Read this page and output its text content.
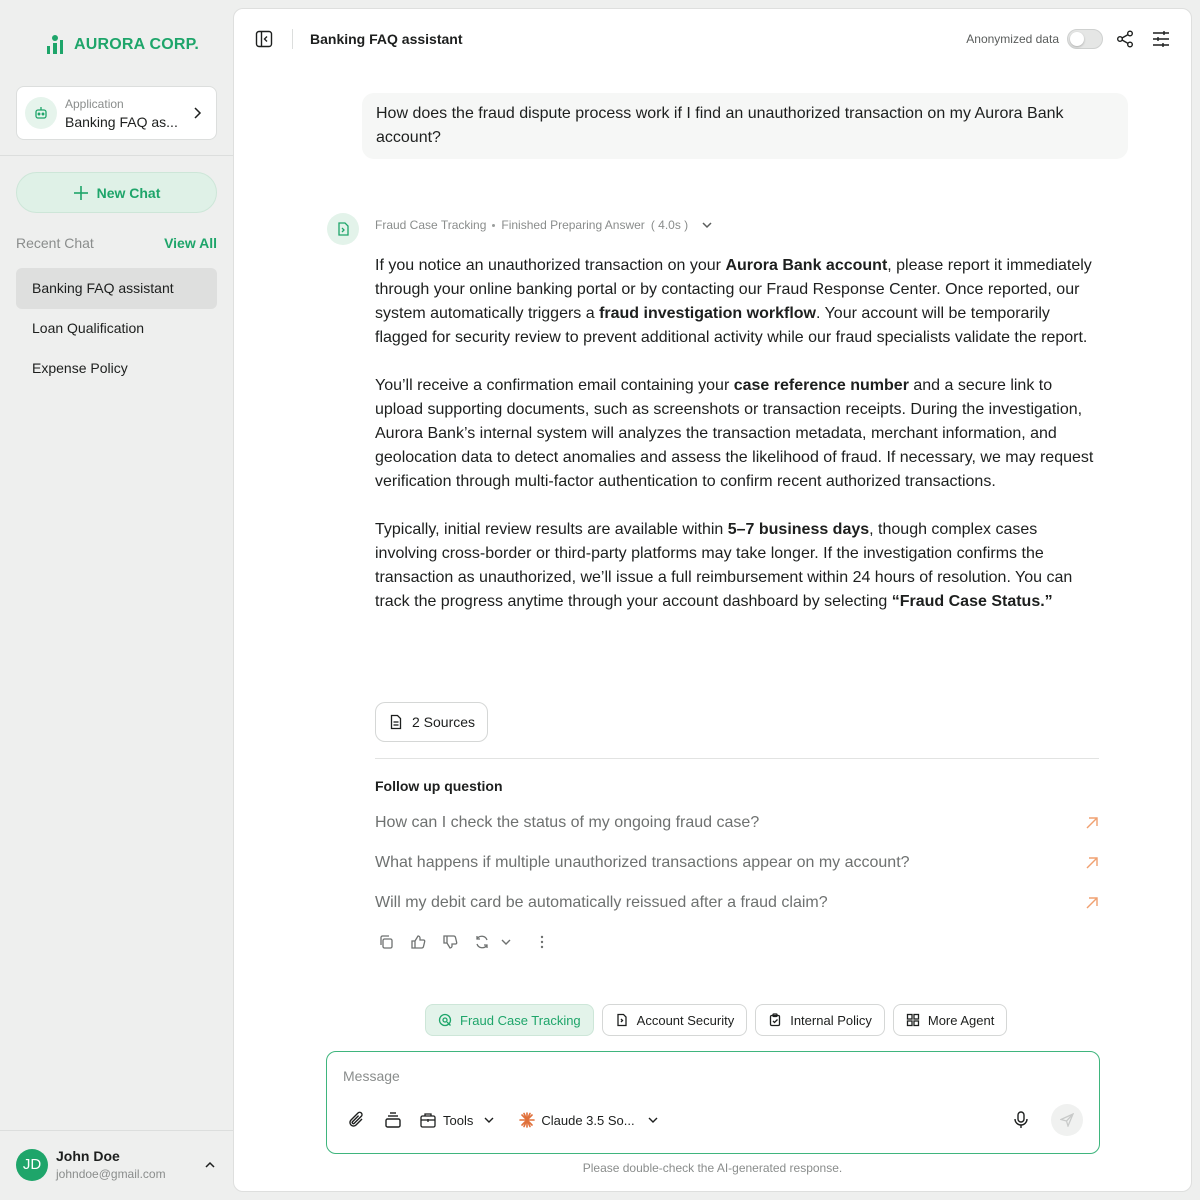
AURORA CORP.
Application
Banking FAQ as...
New Chat
Recent Chat	View All
Banking FAQ assistant
Loan Qualification
Expense Policy
JD	John Doe
johndoe@gmail.com
Banking FAQ assistant	Anonymized data
How does the fraud dispute process work if I find an unauthorized transaction on my Aurora Bank account?
Fraud Case Tracking Finished Preparing Answer ( 4.0s )

If you notice an unauthorized transaction on your Aurora Bank account, please report it immediately through your online banking portal or by contacting our Fraud Response Center. Once reported, our system automatically triggers a fraud investigation workflow. Your account will be temporarily flagged for security review to prevent additional activity while our fraud specialists validate the report.

You’ll receive a confirmation email containing your case reference number and a secure link to upload supporting documents, such as screenshots or transaction receipts. During the investigation, Aurora Bank’s internal system will analyzes the transaction metadata, merchant information, and geolocation data to detect anomalies and assess the likelihood of fraud. If necessary, we may request verification through multi-factor authentication to confirm recent authorized transactions.

Typically, initial review results are available within 5–7 business days, though complex cases involving cross-border or third-party platforms may take longer. If the investigation confirms the transaction as unauthorized, we’ll issue a full reimbursement within 24 hours of resolution. You can track the progress anytime through your account dashboard by selecting “Fraud Case Status.”

2 Sources
Follow up question
How can I check the status of my ongoing fraud case?
What happens if multiple unauthorized transactions appear on my account?
Will my debit card be automatically reissued after a fraud claim?
Fraud Case Tracking	Account Security	Internal Policy	More Agent
Message
Tools	Claude 3.5 So...
Please double-check the AI-generated response.
